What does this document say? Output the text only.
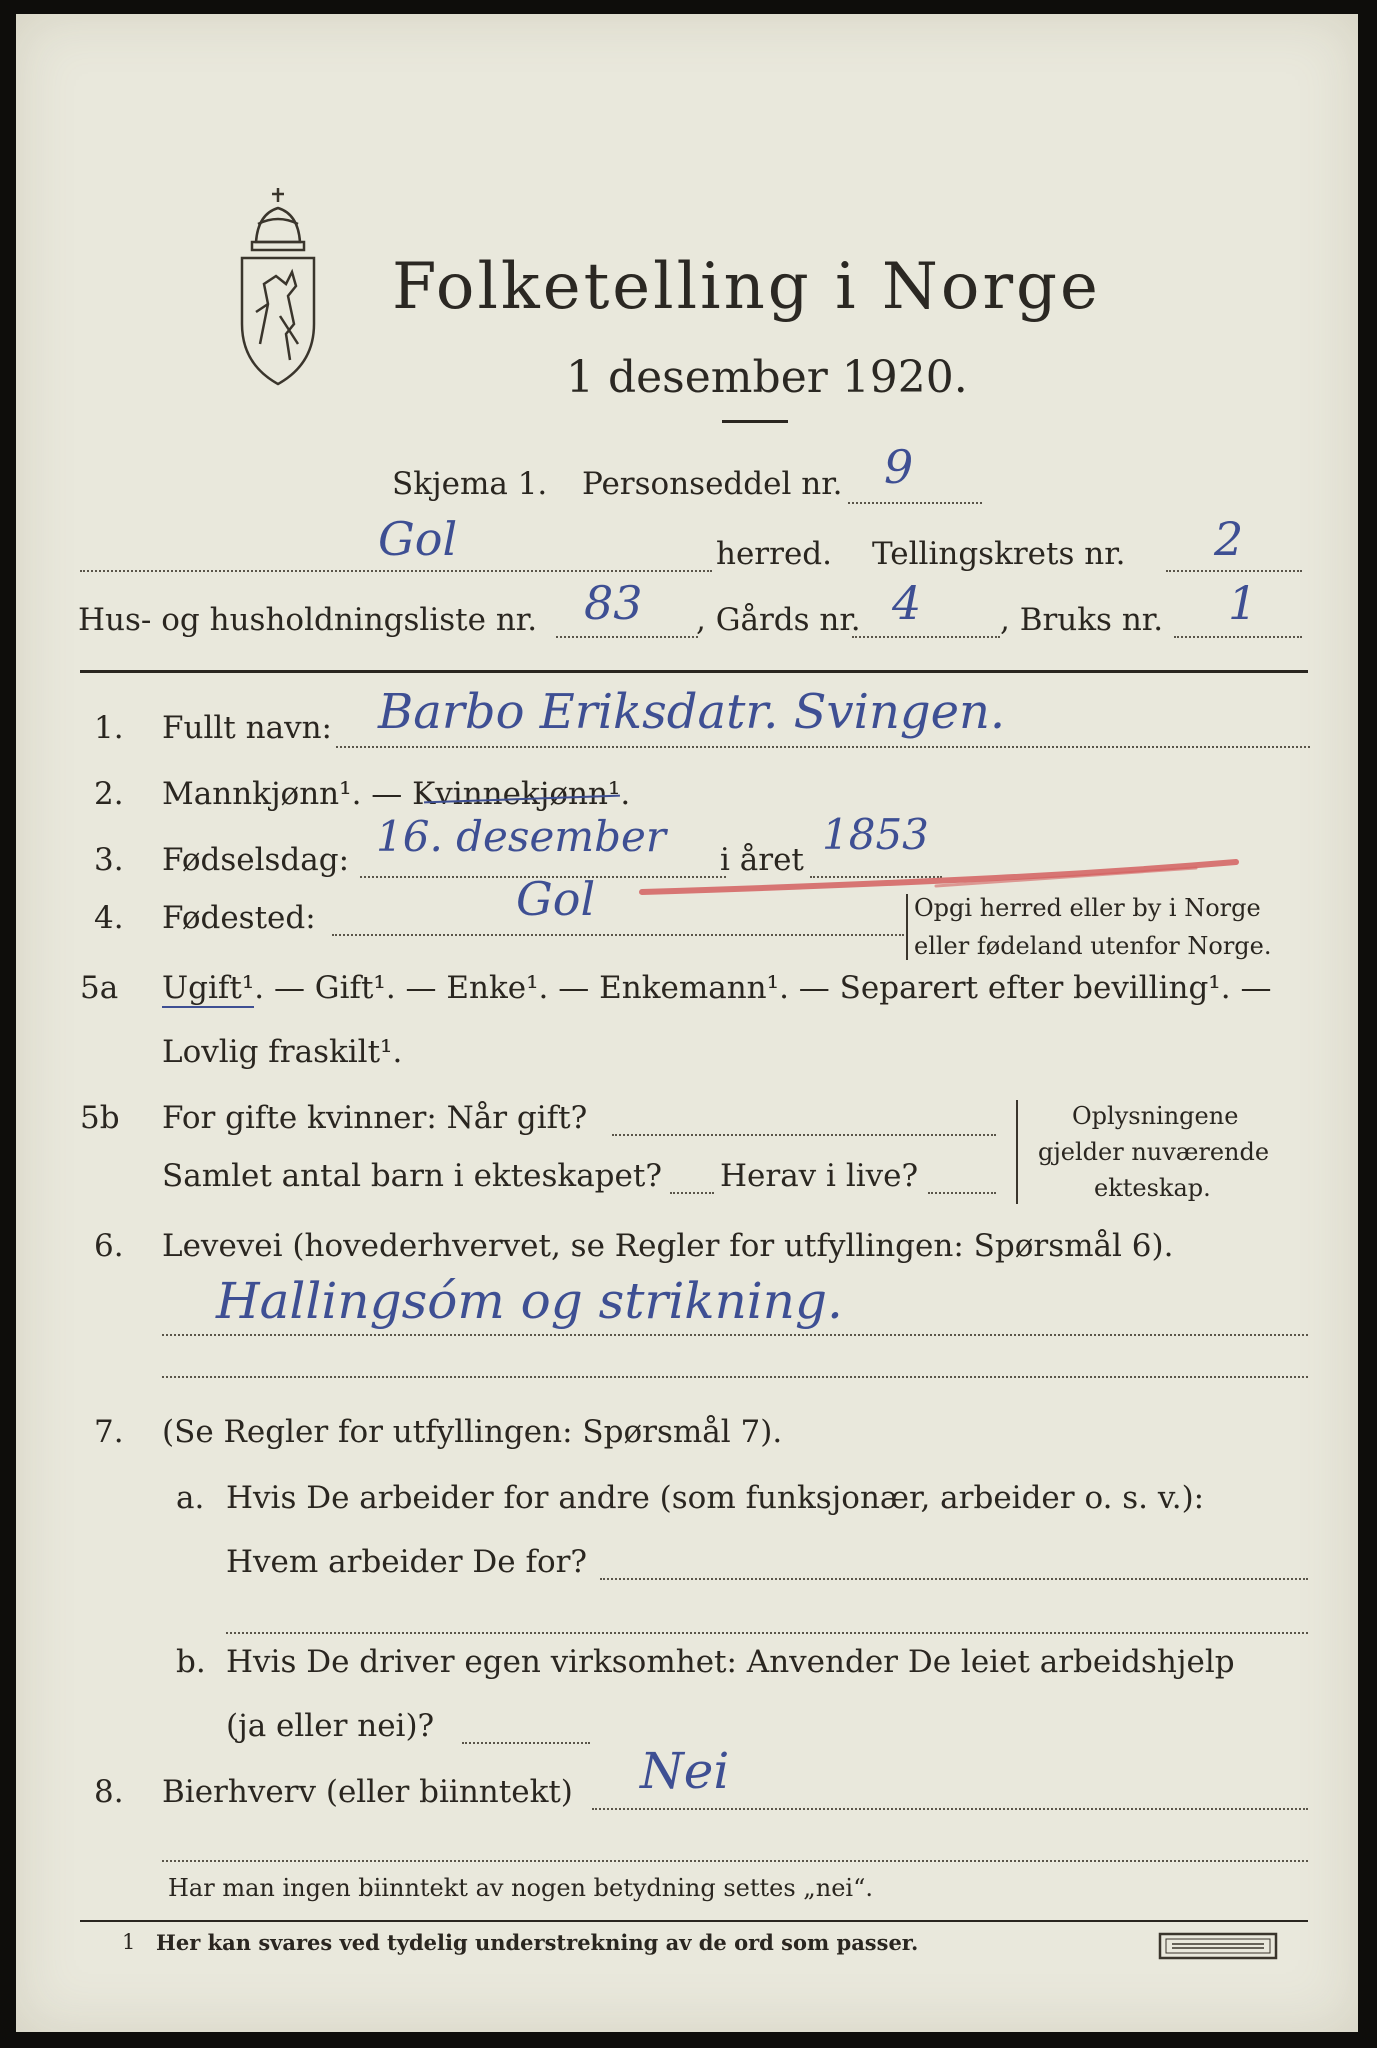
Folketelling i Norge
1 desember 1920.
Skjema 1. Personseddel nr. 9
Gol	herred. Tellingskrets nr. 2
Hus- og husholdningsliste nr. 83 , Gårds nr. 4	, Bruks nr. 1
1. Fullt navn: Barbo Eriksdatr. Svingen.
2. Mannkjønn¹. — Kvinnekjønn¹.
3. Fødselsdag: 16. desember i året
1853
4. Fødested:	Gol	Opgi herred eller by i Norge
eller fødeland utenfor Norge.
5a Ugift¹. — Gift¹. — Enke¹. — Enkemann¹. — Separert efter bevilling¹. —
Lovlig fraskilt¹.
5b For gifte kvinner: Når gift?
Samlet antal barn i ekteskapet? Herav i live?
Oplysningene
gjelder nuværende
ekteskap.
6. Levevei (hovederhvervet, se Regler for utfyllingen: Spørsmål 6).
Hallingsóm og strikning.
7. (Se Regler for utfyllingen: Spørsmål 7).
a. Hvis De arbeider for andre (som funksjonær, arbeider o. s. v.):
Hvem arbeider De for?
b. Hvis De driver egen virksomhet: Anvender De leiet arbeidshjelp
(ja eller nei)?
8. Bierhverv (eller biinntekt) Nei
Har man ingen biinntekt av nogen betydning settes „nei“.
1 Her kan svares ved tydelig understrekning av de ord som passer.
